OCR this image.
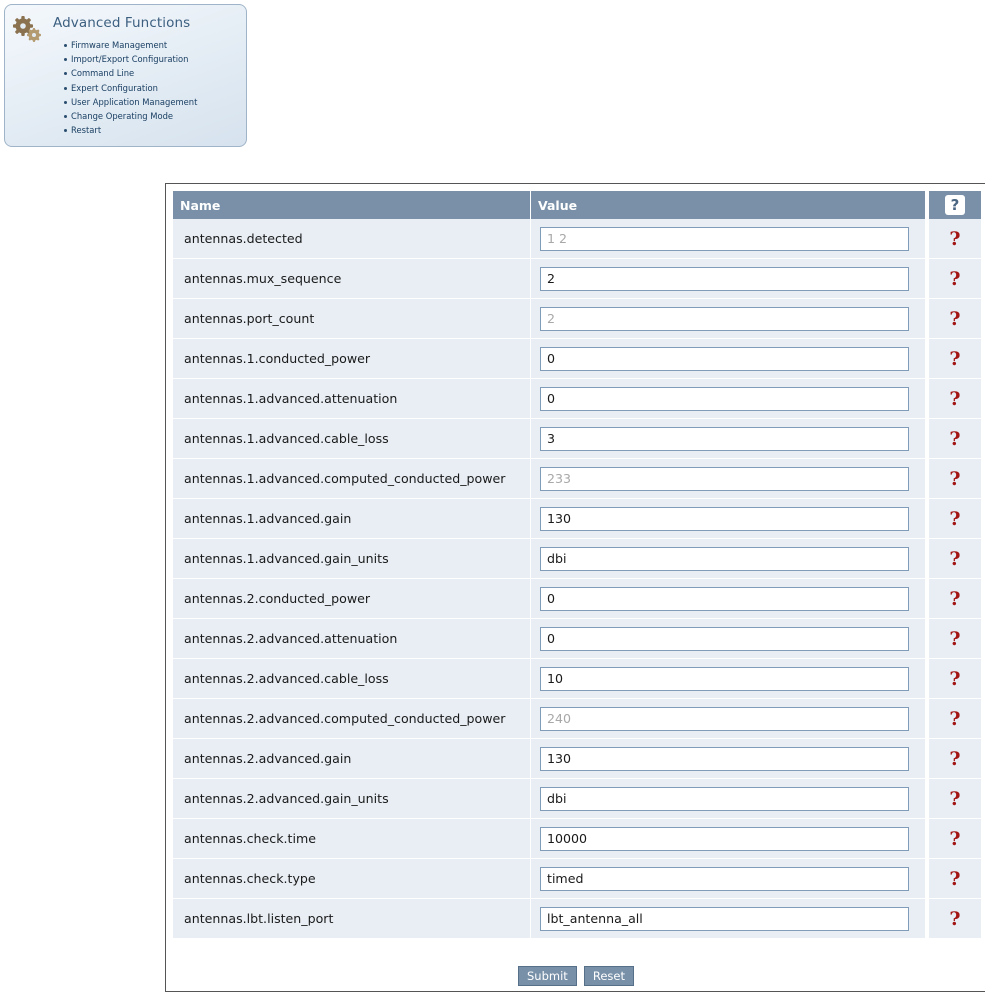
Advanced Functions
Firmware Management
Import/Export Configuration
Command Line
Expert Configuration
User Application Management
Change Operating Mode
Restart
Name	Value		?
antennas.detected	1 2		?
antennas.mux_sequence	2		?
antennas.port_count	2		?
antennas.1.conducted_power	0		?
antennas.1.advanced.attenuation	0		?
antennas.1.advanced.cable_loss	3		?
antennas.1.advanced.computed_conducted_power	233		?
antennas.1.advanced.gain	130		?
antennas.1.advanced.gain_units	dbi		?
antennas.2.conducted_power	0		?
antennas.2.advanced.attenuation	0		?
antennas.2.advanced.cable_loss	10		?
antennas.2.advanced.computed_conducted_power	240		?
antennas.2.advanced.gain	130		?
antennas.2.advanced.gain_units	dbi		?
antennas.check.time	10000		?
antennas.check.type	timed		?
antennas.lbt.listen_port	lbt_antenna_all		?
Submit Reset
